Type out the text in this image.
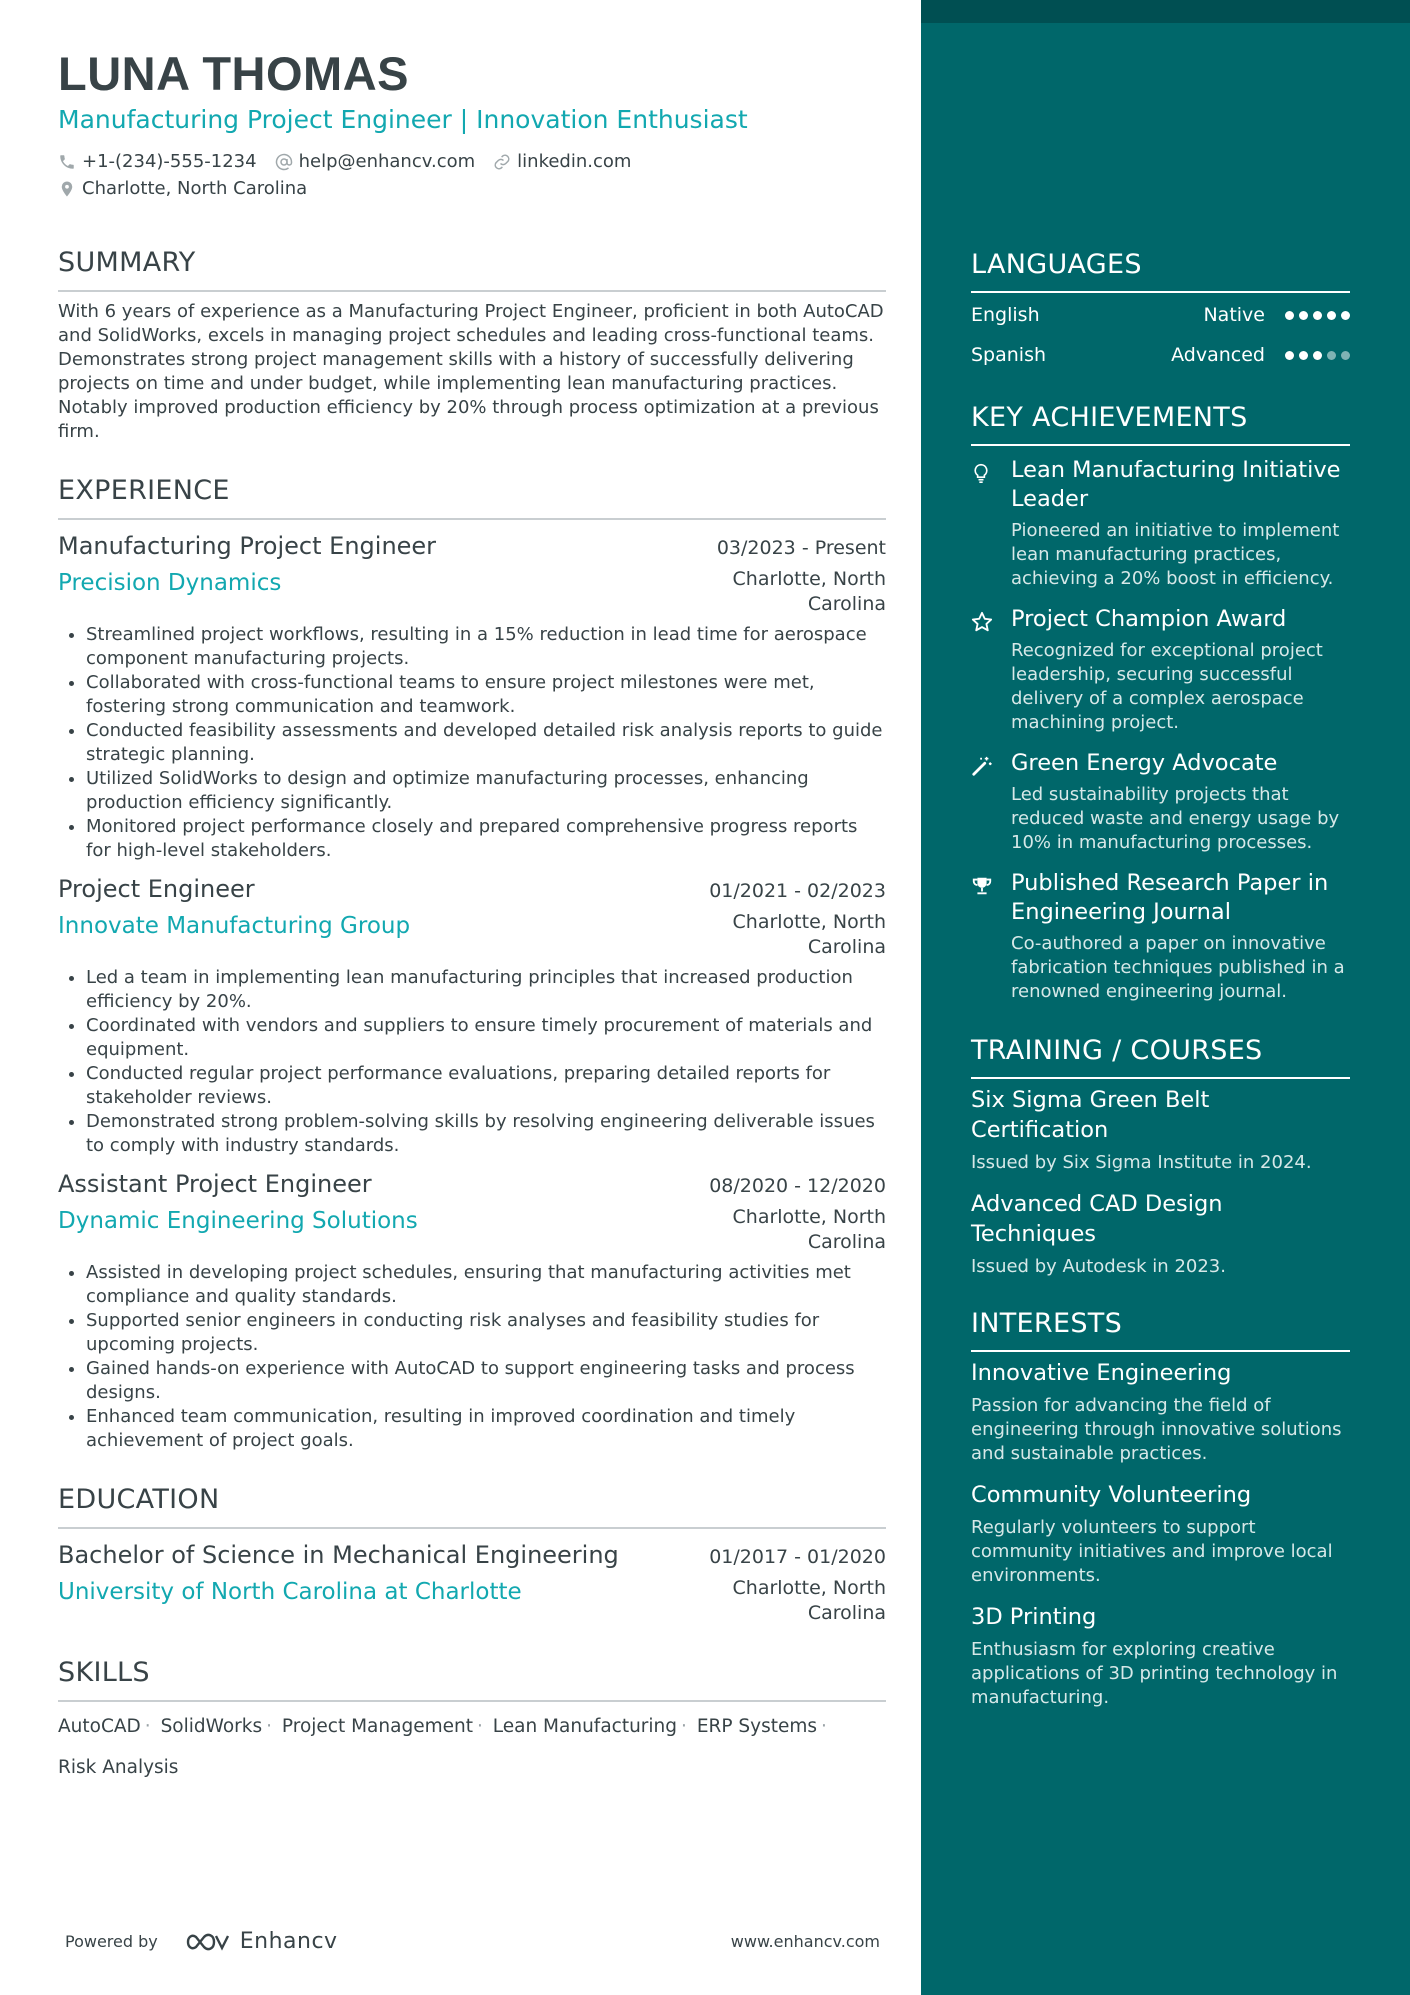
LUNA THOMAS
Manufacturing Project Engineer | Innovation Enthusiast
+1-(234)-555-1234 help@enhancv.com linkedin.com
Charlotte, North Carolina
SUMMARY
With 6 years of experience as a Manufacturing Project Engineer, proficient in both AutoCAD and SolidWorks, excels in managing project schedules and leading cross-functional teams. Demonstrates strong project management skills with a history of successfully delivering projects on time and under budget, while implementing lean manufacturing practices. Notably improved production efficiency by 20% through process optimization at a previous firm.
EXPERIENCE
Manufacturing Project Engineer	03/2023 - Present
Precision Dynamics	Charlotte, North Carolina
• Streamlined project workflows, resulting in a 15% reduction in lead time for aerospace component manufacturing projects.
• Collaborated with cross-functional teams to ensure project milestones were met, fostering strong communication and teamwork.
• Conducted feasibility assessments and developed detailed risk analysis reports to guide strategic planning.
• Utilized SolidWorks to design and optimize manufacturing processes, enhancing production efficiency significantly.
• Monitored project performance closely and prepared comprehensive progress reports for high-level stakeholders.
Project Engineer	01/2021 - 02/2023
Innovate Manufacturing Group	Charlotte, North Carolina
• Led a team in implementing lean manufacturing principles that increased production efficiency by 20%.
• Coordinated with vendors and suppliers to ensure timely procurement of materials and equipment.
• Conducted regular project performance evaluations, preparing detailed reports for stakeholder reviews.
• Demonstrated strong problem-solving skills by resolving engineering deliverable issues to comply with industry standards.
Assistant Project Engineer	08/2020 - 12/2020
Dynamic Engineering Solutions	Charlotte, North Carolina
• Assisted in developing project schedules, ensuring that manufacturing activities met compliance and quality standards.
• Supported senior engineers in conducting risk analyses and feasibility studies for upcoming projects.
• Gained hands-on experience with AutoCAD to support engineering tasks and process designs.
• Enhanced team communication, resulting in improved coordination and timely achievement of project goals.
EDUCATION
Bachelor of Science in Mechanical Engineering	01/2017 - 01/2020
University of North Carolina at Charlotte	Charlotte, North Carolina
SKILLS
AutoCAD · SolidWorks · Project Management · Lean Manufacturing · ERP Systems ·
Risk Analysis
Powered by	Enhancv	www.enhancv.com
LANGUAGES
English	Native
Spanish	Advanced
KEY ACHIEVEMENTS
Lean Manufacturing Initiative Leader
Pioneered an initiative to implement lean manufacturing practices, achieving a 20% boost in efficiency.
Project Champion Award
Recognized for exceptional project leadership, securing successful delivery of a complex aerospace machining project.
Green Energy Advocate
Led sustainability projects that reduced waste and energy usage by 10% in manufacturing processes.
Published Research Paper in Engineering Journal
Co-authored a paper on innovative fabrication techniques published in a renowned engineering journal.
TRAINING / COURSES
Six Sigma Green Belt Certification
Issued by Six Sigma Institute in 2024.
Advanced CAD Design Techniques
Issued by Autodesk in 2023.
INTERESTS
Innovative Engineering
Passion for advancing the field of engineering through innovative solutions and sustainable practices.
Community Volunteering
Regularly volunteers to support community initiatives and improve local environments.
3D Printing
Enthusiasm for exploring creative applications of 3D printing technology in manufacturing.
